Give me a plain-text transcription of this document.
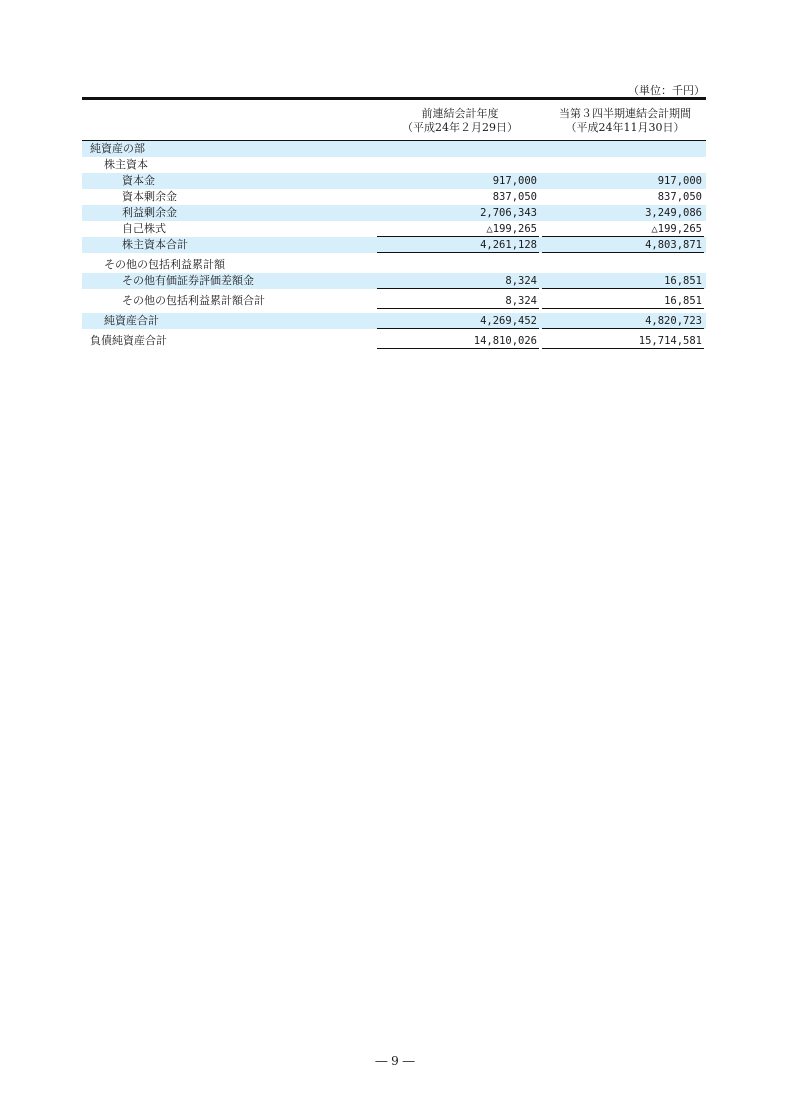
（単位：千円）
前連結会計年度
（平成24年２月29日）
当第３四半期連結会計期間
（平成24年11月30日）
純資産の部
株主資本
資本金	917,000	917,000
資本剰余金	837,050	837,050
利益剰余金	2,706,343	3,249,086
自己株式	△199,265	△199,265
株主資本合計	4,261,128	4,803,871
その他の包括利益累計額
その他有価証券評価差額金	8,324	16,851
その他の包括利益累計額合計	8,324	16,851
純資産合計	4,269,452	4,820,723
負債純資産合計	14,810,026	15,714,581
― 9 ―
